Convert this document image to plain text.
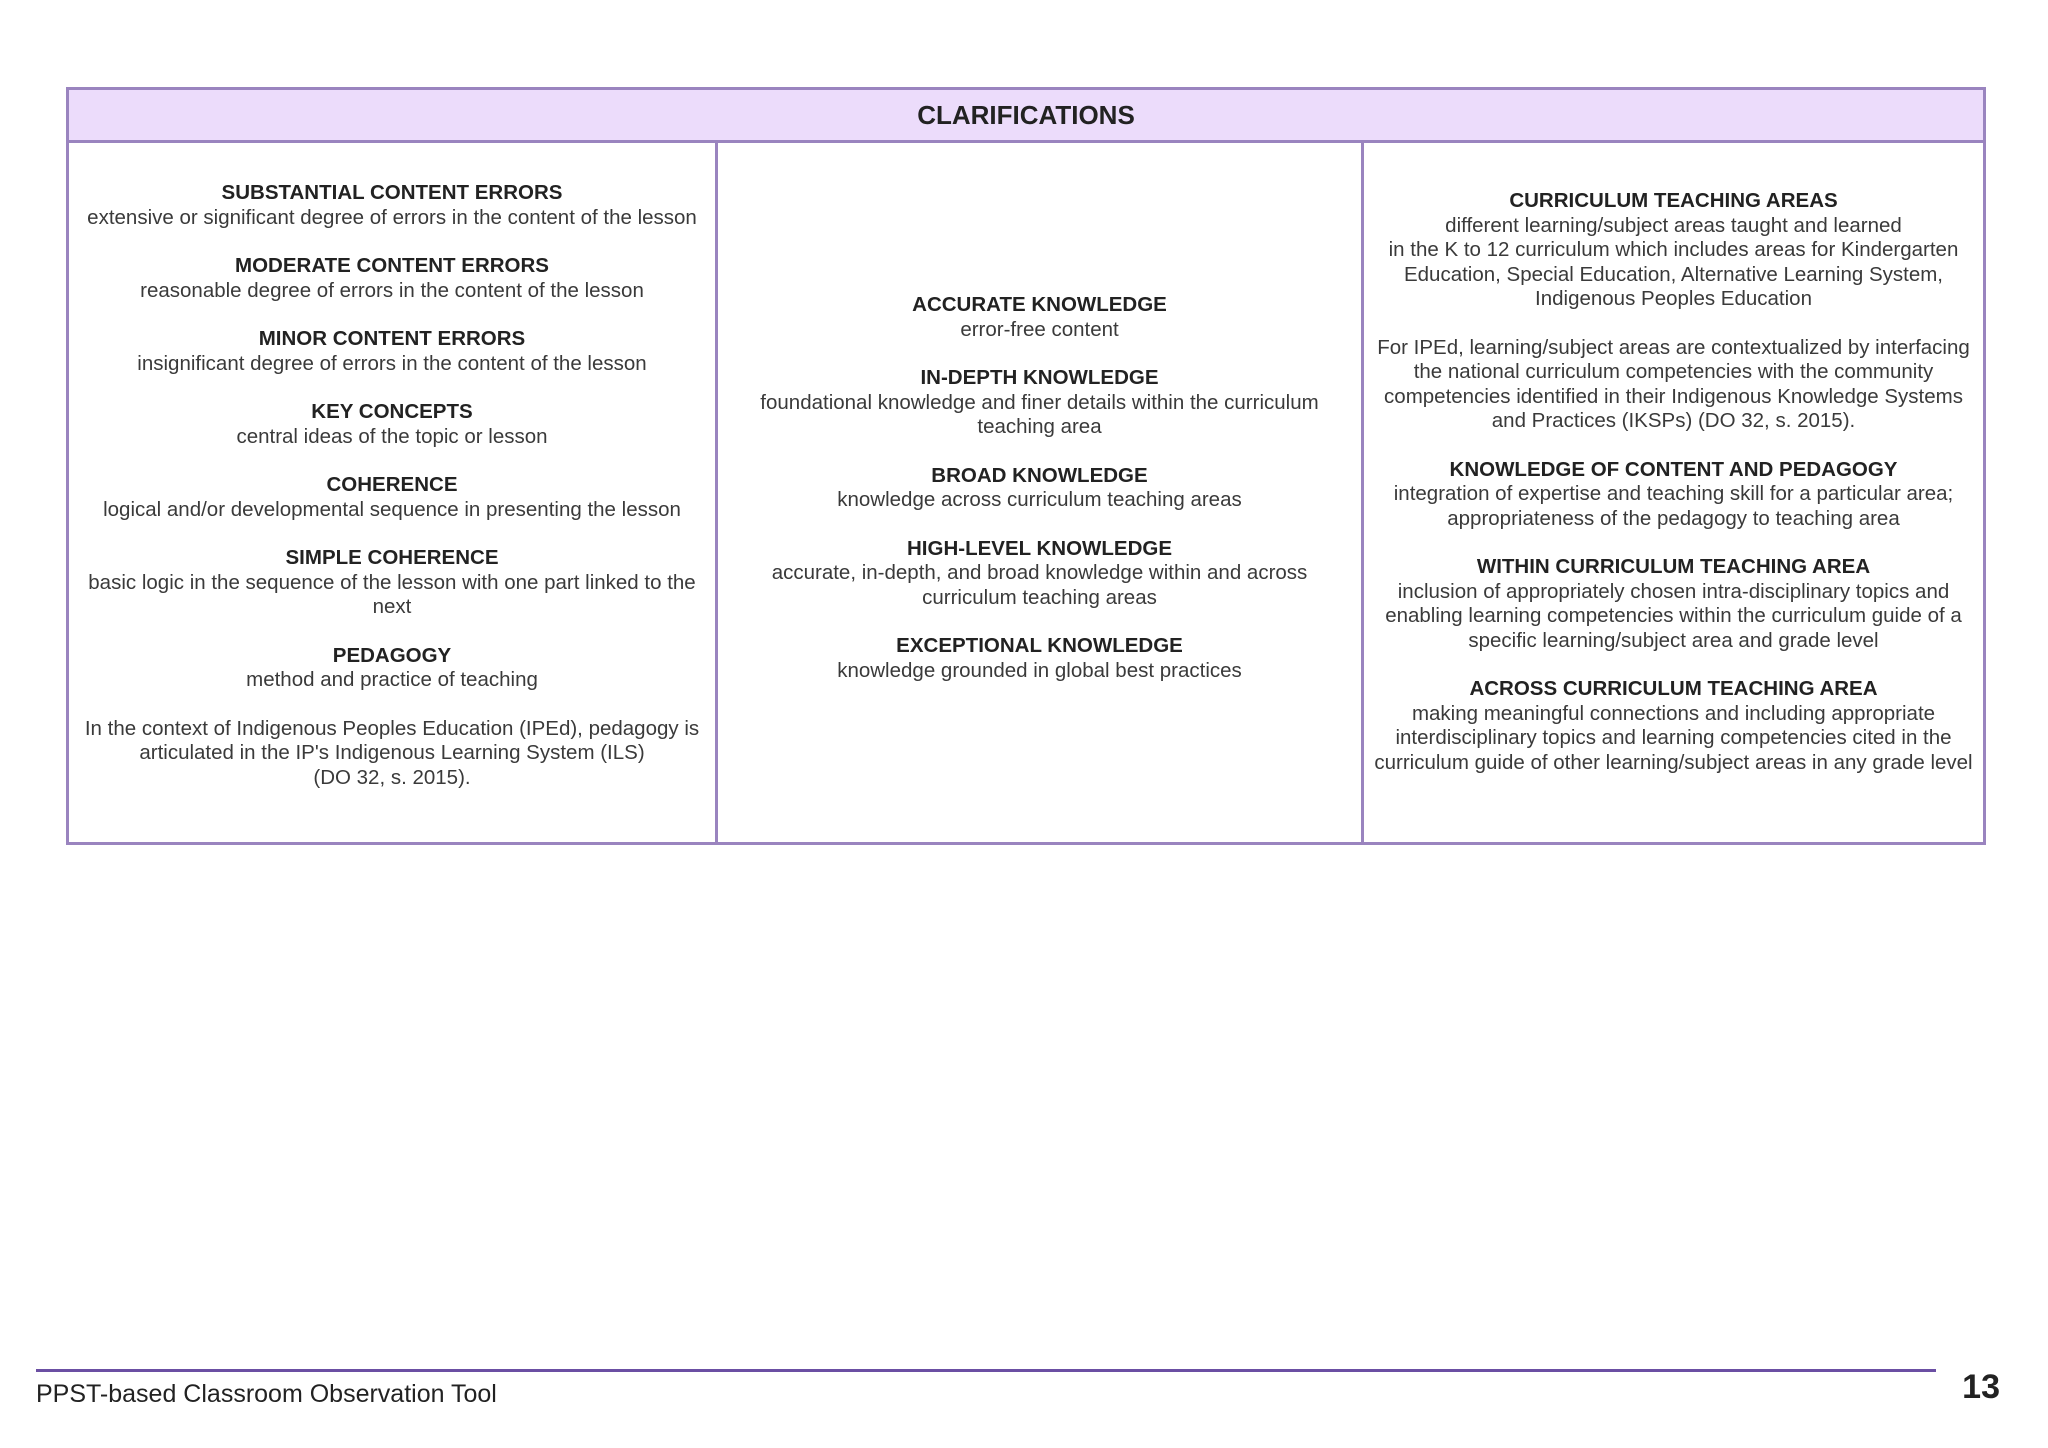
CLARIFICATIONS
SUBSTANTIAL CONTENT ERRORS
extensive or significant degree of errors in the content of the lesson
MODERATE CONTENT ERRORS
reasonable degree of errors in the content of the lesson
MINOR CONTENT ERRORS
insignificant degree of errors in the content of the lesson
KEY CONCEPTS
central ideas of the topic or lesson
COHERENCE
logical and/or developmental sequence in presenting the lesson
SIMPLE COHERENCE
basic logic in the sequence of the lesson with one part linked to the next
PEDAGOGY
method and practice of teaching
In the context of Indigenous Peoples Education (IPEd), pedagogy is articulated in the IP's Indigenous Learning System (ILS)
(DO 32, s. 2015).
ACCURATE KNOWLEDGE
error-free content
IN-DEPTH KNOWLEDGE
foundational knowledge and finer details within the curriculum teaching area
BROAD KNOWLEDGE
knowledge across curriculum teaching areas
HIGH-LEVEL KNOWLEDGE
accurate, in-depth, and broad knowledge within and across curriculum teaching areas
EXCEPTIONAL KNOWLEDGE
knowledge grounded in global best practices
CURRICULUM TEACHING AREAS
different learning/subject areas taught and learned
in the K to 12 curriculum which includes areas for Kindergarten Education, Special Education, Alternative Learning System, Indigenous Peoples Education
For IPEd, learning/subject areas are contextualized by interfacing the national curriculum competencies with the community competencies identified in their Indigenous Knowledge Systems and Practices (IKSPs) (DO 32, s. 2015).
KNOWLEDGE OF CONTENT AND PEDAGOGY
integration of expertise and teaching skill for a particular area; appropriateness of the pedagogy to teaching area
WITHIN CURRICULUM TEACHING AREA
inclusion of appropriately chosen intra-disciplinary topics and enabling learning competencies within the curriculum guide of a specific learning/subject area and grade level
ACROSS CURRICULUM TEACHING AREA
making meaningful connections and including appropriate interdisciplinary topics and learning competencies cited in the curriculum guide of other learning/subject areas in any grade level
PPST-based Classroom Observation Tool	13
